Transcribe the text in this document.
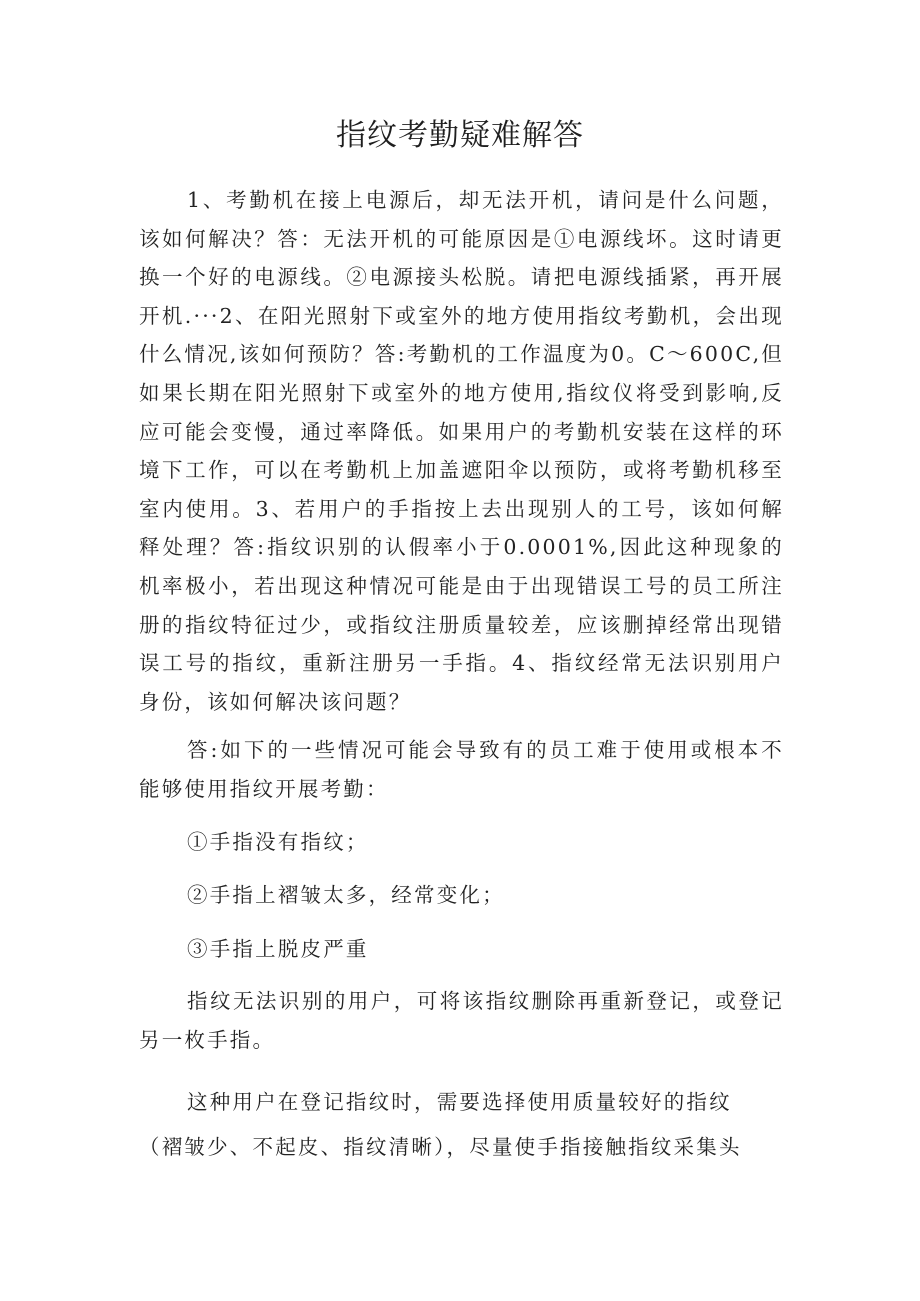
指纹考勤疑难解答

1、考勤机在接上电源后，却无法开机，请问是什么问题，该如何解决？答：无法开机的可能原因是①电源线坏。这时请更换一个好的电源线。②电源接头松脱。请把电源线插紧，再开展开机.···2、在阳光照射下或室外的地方使用指纹考勤机，会出现什么情况,该如何预防？答:考勤机的工作温度为0。C～600C,但如果长期在阳光照射下或室外的地方使用,指纹仪将受到影响,反应可能会变慢，通过率降低。如果用户的考勤机安装在这样的环境下工作，可以在考勤机上加盖遮阳伞以预防，或将考勤机移至室内使用。3、若用户的手指按上去出现别人的工号，该如何解释处理？答:指纹识别的认假率小于0.0001%,因此这种现象的机率极小，若出现这种情况可能是由于出现错误工号的员工所注册的指纹特征过少，或指纹注册质量较差，应该删掉经常出现错误工号的指纹，重新注册另一手指。4、指纹经常无法识别用户身份，该如何解决该问题？

答:如下的一些情况可能会导致有的员工难于使用或根本不能够使用指纹开展考勤：

①手指没有指纹；

②手指上褶皱太多，经常变化；

③手指上脱皮严重

指纹无法识别的用户，可将该指纹删除再重新登记，或登记另一枚手指。

这种用户在登记指纹时，需要选择使用质量较好的指纹

（褶皱少、不起皮、指纹清晰），尽量使手指接触指纹采集头
